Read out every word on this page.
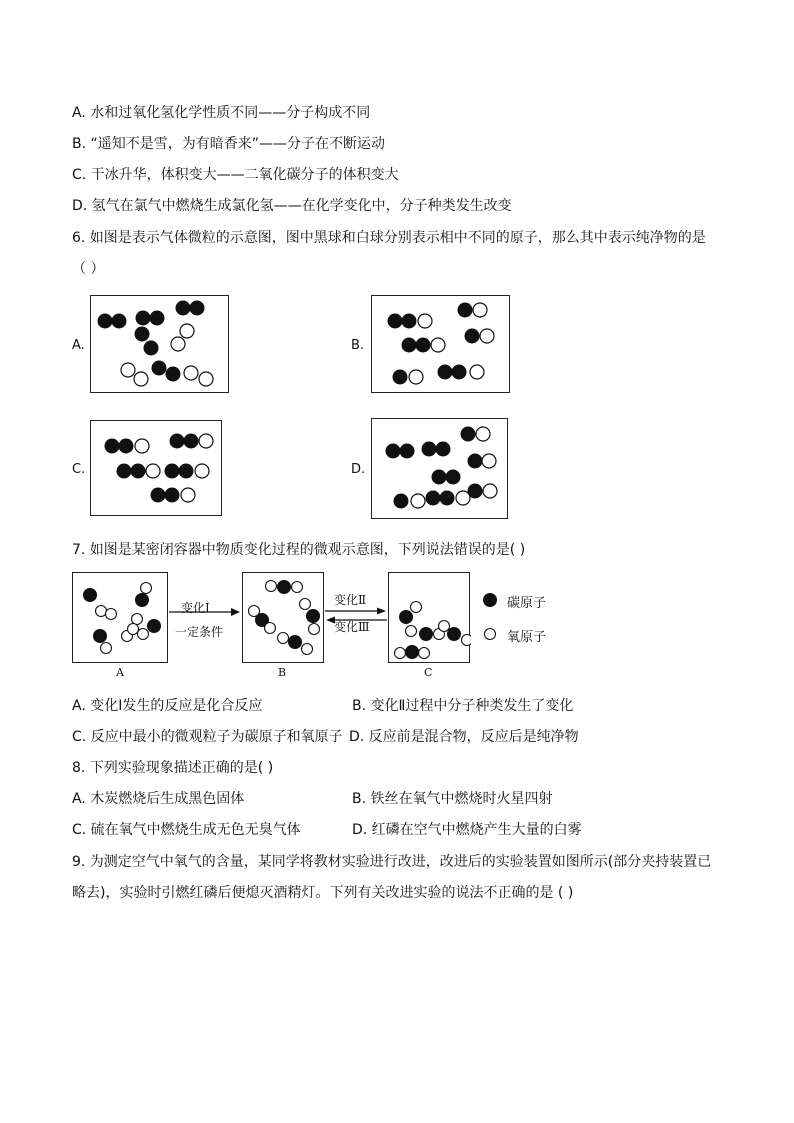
A. 水和过氧化氢化学性质不同——分子构成不同
B. “遥知不是雪，为有暗香来”——分子在不断运动
C. 干冰升华，体积变大——二氧化碳分子的体积变大
D. 氢气在氯气中燃烧生成氯化氢——在化学变化中，分子种类发生改变
6. 如图是表示气体微粒的示意图，图中黑球和白球分别表示相中不同的原子，那么其中表示纯净物的是
（ ）
A.	B.
C.	D.
7. 如图是某密闭容器中物质变化过程的微观示意图，下列说法错误的是( )
A
变化Ⅰ
一定条件
B
变化Ⅱ
变化Ⅲ
C
碳原子
氧原子
A. 变化Ⅰ发生的反应是化合反应	B. 变化Ⅱ过程中分子种类发生了变化
C. 反应中最小的微观粒子为碳原子和氧原子 D. 反应前是混合物，反应后是纯净物
8. 下列实验现象描述正确的是( )
A. 木炭燃烧后生成黑色固体	B. 铁丝在氧气中燃烧时火星四射
C. 硫在氧气中燃烧生成无色无臭气体	D. 红磷在空气中燃烧产生大量的白雾
9. 为测定空气中氧气的含量，某同学将教材实验进行改进，改进后的实验装置如图所示(部分夹持装置已
略去)，实验时引燃红磷后便熄灭酒精灯。下列有关改进实验的说法不正确的是 ( )
